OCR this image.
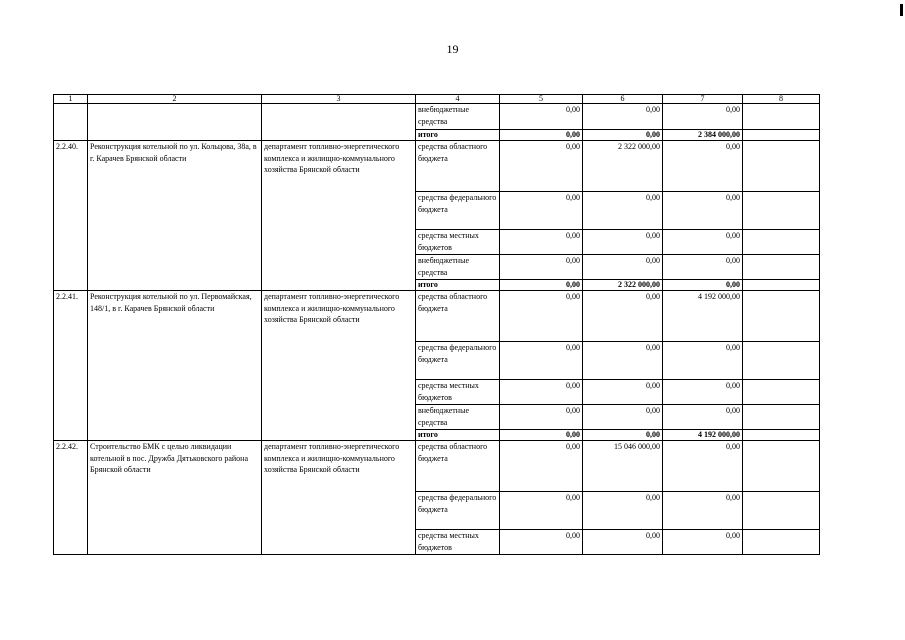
19
1	2	3	4	5	6	7	8
			внебюджетные средства	0,00	0,00	0,00	
			итого	0,00	0,00	2 384 000,00	
2.2.40.	Реконструкция котельной по ул. Кольцова, 38а, в г. Карачев Брянской области	департамент топливно-энергетического комплекса и жилищно-коммунального хозяйства Брянской области	средства областного бюджета	0,00	2 322 000,00	0,00	
			средства федерального бюджета	0,00	0,00	0,00	
			средства местных бюджетов	0,00	0,00	0,00	
			внебюджетные средства	0,00	0,00	0,00	
			итого	0,00	2 322 000,00	0,00	
2.2.41.	Реконструкция котельной по ул. Первомайская, 148/1, в г. Карачев Брянской области	департамент топливно-энергетического комплекса и жилищно-коммунального хозяйства Брянской области	средства областного бюджета	0,00	0,00	4 192 000,00	
			средства федерального бюджета	0,00	0,00	0,00	
			средства местных бюджетов	0,00	0,00	0,00	
			внебюджетные средства	0,00	0,00	0,00	
			итого	0,00	0,00	4 192 000,00	
2.2.42.	Строительство БМК с целью ликвидации котельной в пос. Дружба Дятьковского района Брянской области	департамент топливно-энергетического комплекса и жилищно-коммунального хозяйства Брянской области	средства областного бюджета	0,00	15 046 000,00	0,00	
			средства федерального бюджета	0,00	0,00	0,00	
			средства местных бюджетов	0,00	0,00	0,00	
